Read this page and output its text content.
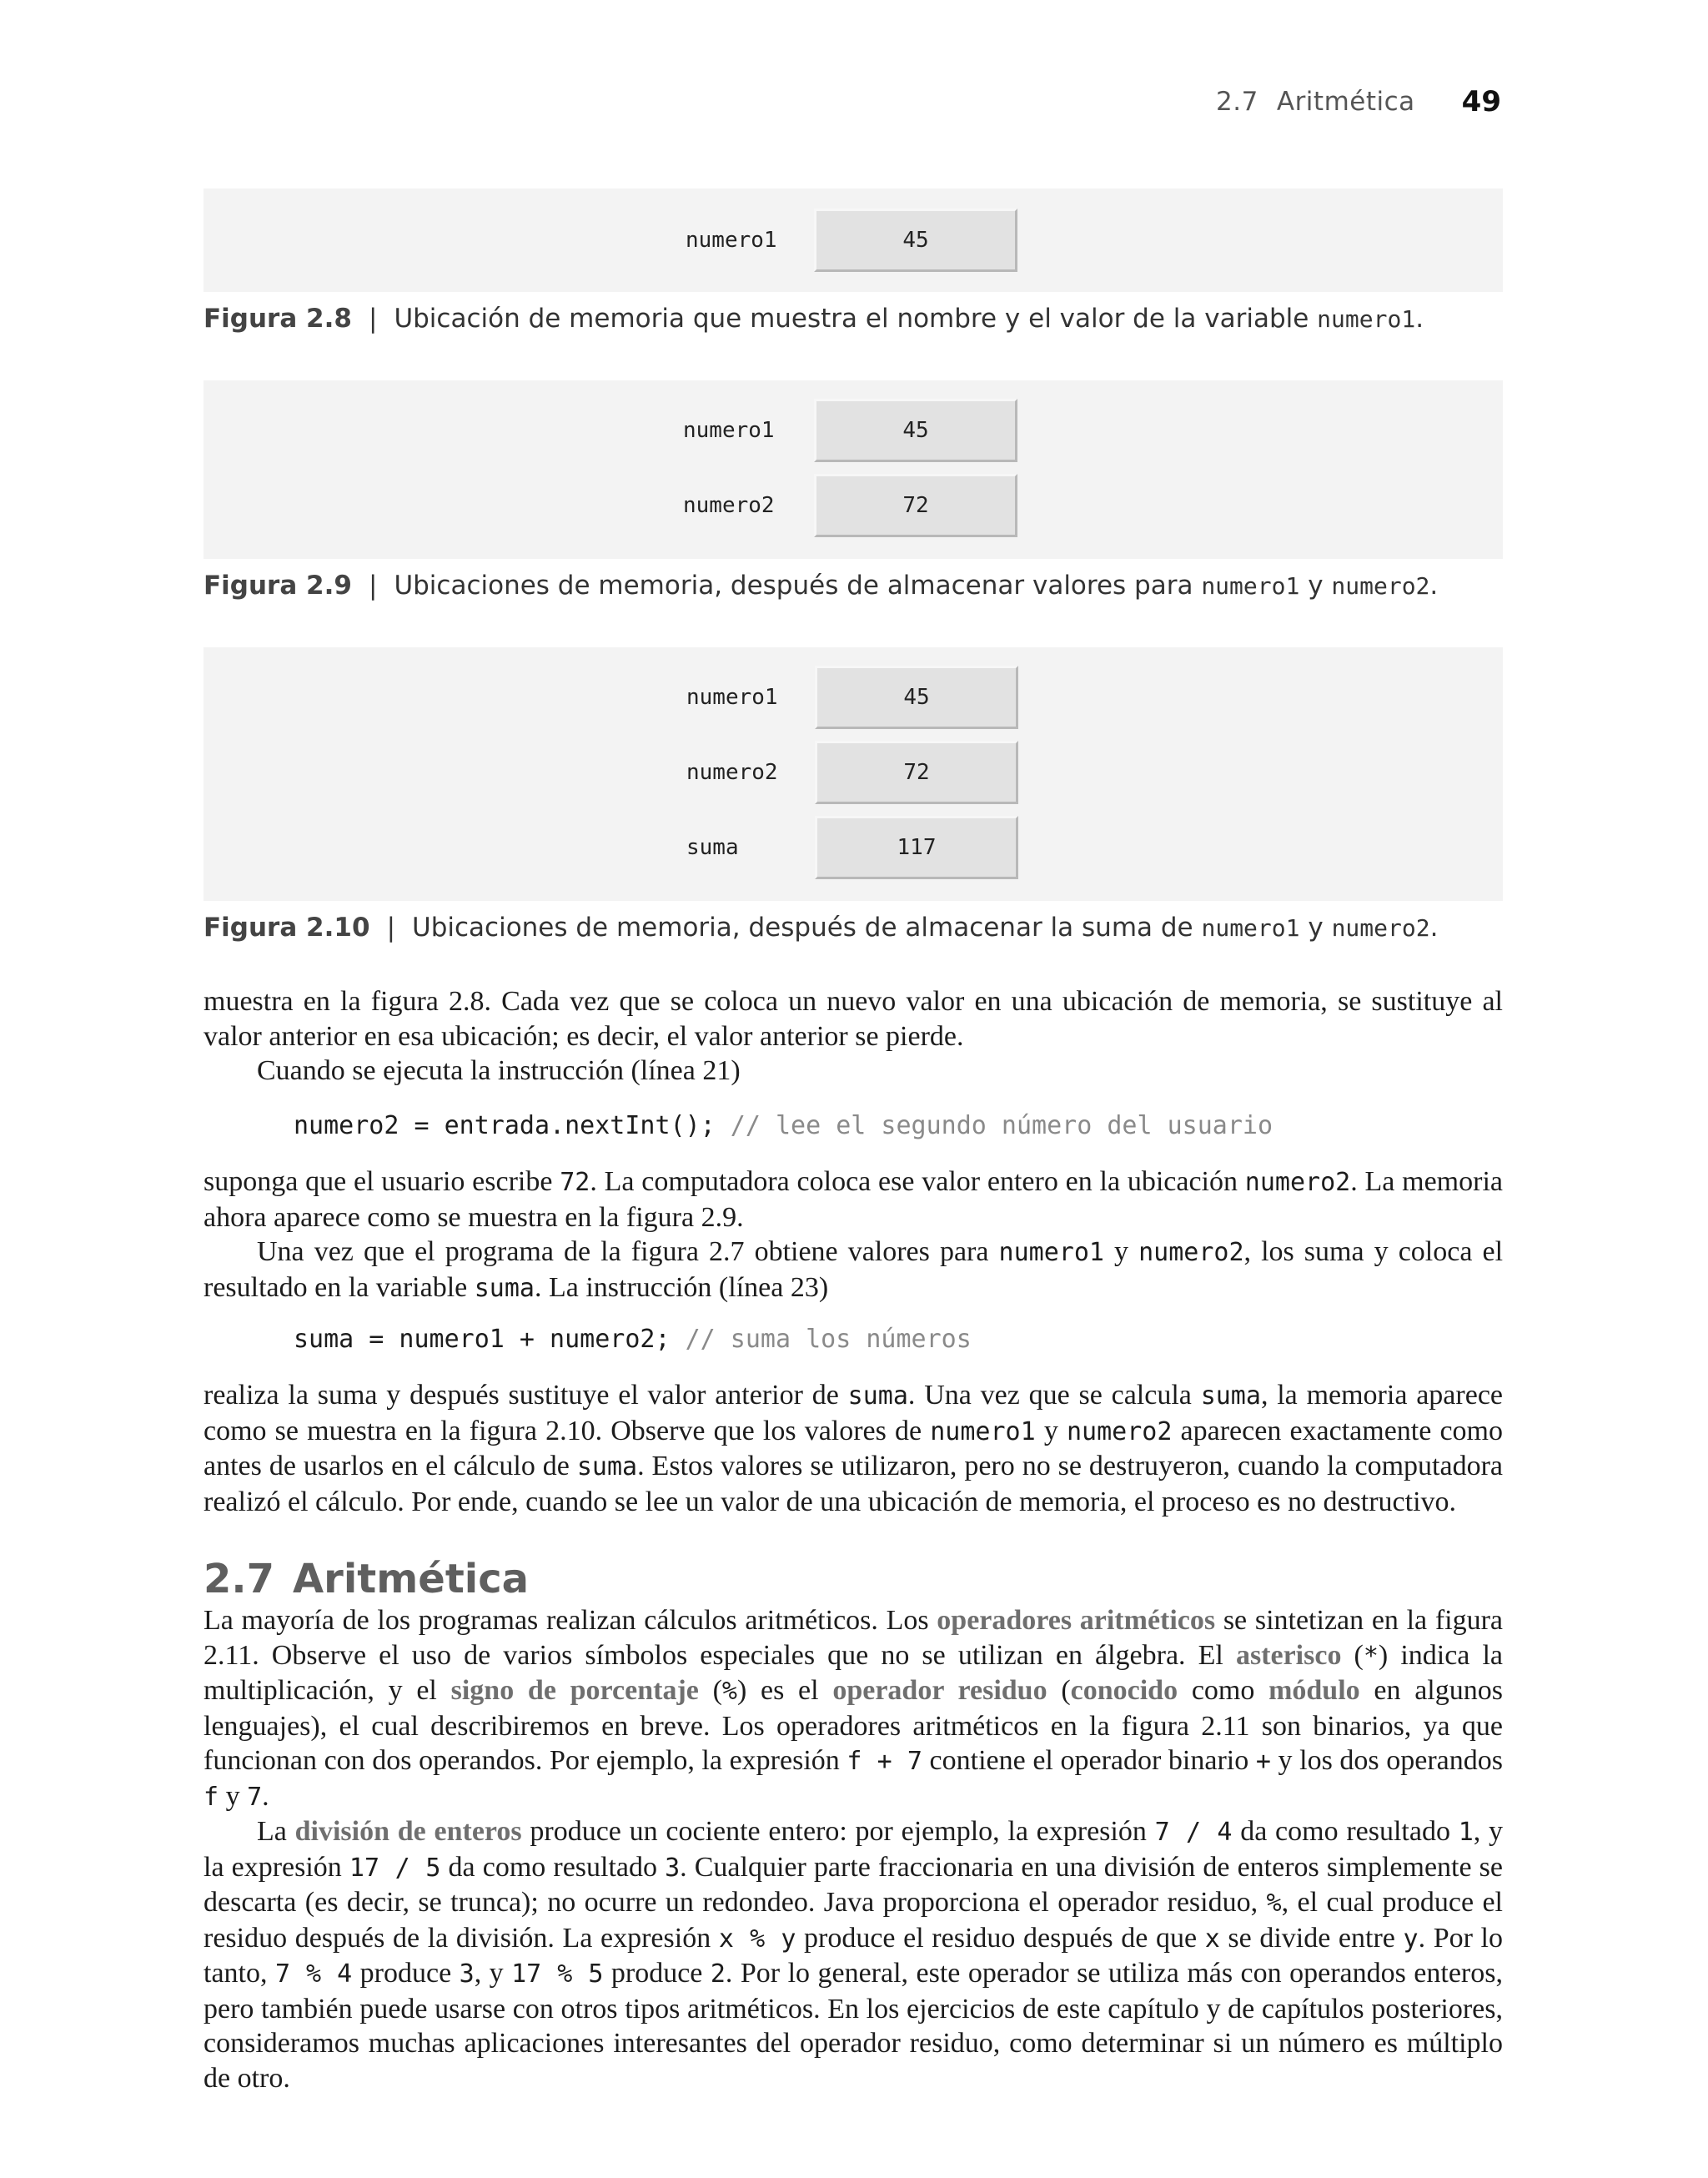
2.7 Aritmética 49
numero1	45
Figura 2.8 | Ubicación de memoria que muestra el nombre y el valor de la variable
numero1 .
numero1	45
numero2	72
Figura 2.9 | Ubicaciones de memoria, después de almacenar valores para
numero1 y numero2 .
numero1	45
numero2	72
suma	117
Figura 2.10 | Ubicaciones de memoria, después de almacenar la suma de
numero1 y numero2 .

muestra en la figura 2.8. Cada vez que se coloca un nuevo valor en una ubicación de memoria, se sustituye al valor anterior en esa ubicación; es decir, el valor anterior se pierde.

Cuando se ejecuta la instrucción (línea 21)

numero2 = entrada.nextInt(); // lee el segundo número del usuario

suponga que el usuario escribe 72. La computadora coloca ese valor entero en la ubicación numero2. La memoria ahora aparece como se muestra en la figura 2.9.

Una vez que el programa de la figura 2.7 obtiene valores para numero1 y numero2, los suma y coloca el resultado en la variable suma. La instrucción (línea 23)

suma = numero1 + numero2; // suma los números

realiza la suma y después sustituye el valor anterior de suma. Una vez que se calcula suma, la memoria aparece como se muestra en la figura 2.10. Observe que los valores de numero1 y numero2 aparecen exactamente como antes de usarlos en el cálculo de suma. Estos valores se utilizaron, pero no se destruyeron, cuando la computadora realizó el cálculo. Por ende, cuando se lee un valor de una ubicación de memoria, el proceso es no destructivo.

2.7 Aritmética

La mayoría de los programas realizan cálculos aritméticos. Los operadores aritméticos se sintetizan en la figura 2.11. Observe el uso de varios símbolos especiales que no se utilizan en álgebra. El asterisco (*) indica la multiplicación, y el signo de porcentaje (%) es el operador residuo (conocido como módulo en algunos lenguajes), el cual describiremos en breve. Los operadores aritméticos en la figura 2.11 son binarios, ya que funcionan con dos operandos. Por ejemplo, la expresión f + 7 contiene el operador binario + y los dos operandos f y 7.

La división de enteros produce un cociente entero: por ejemplo, la expresión 7 / 4 da como resultado 1, y la expresión 17 / 5 da como resultado 3. Cualquier parte fraccionaria en una división de enteros simplemente se descarta (es decir, se trunca); no ocurre un redondeo. Java proporciona el operador residuo, %, el cual produce el residuo después de la división. La expresión x % y produce el residuo después de que x se divide entre y. Por lo tanto, 7 % 4 produce 3, y 17 % 5 produce 2. Por lo general, este operador se utiliza más con operandos enteros, pero también puede usarse con otros tipos aritméticos. En los ejercicios de este capítulo y de capítulos posteriores, consideramos muchas aplicaciones interesantes del operador residuo, como determinar si un número es múltiplo de otro.
